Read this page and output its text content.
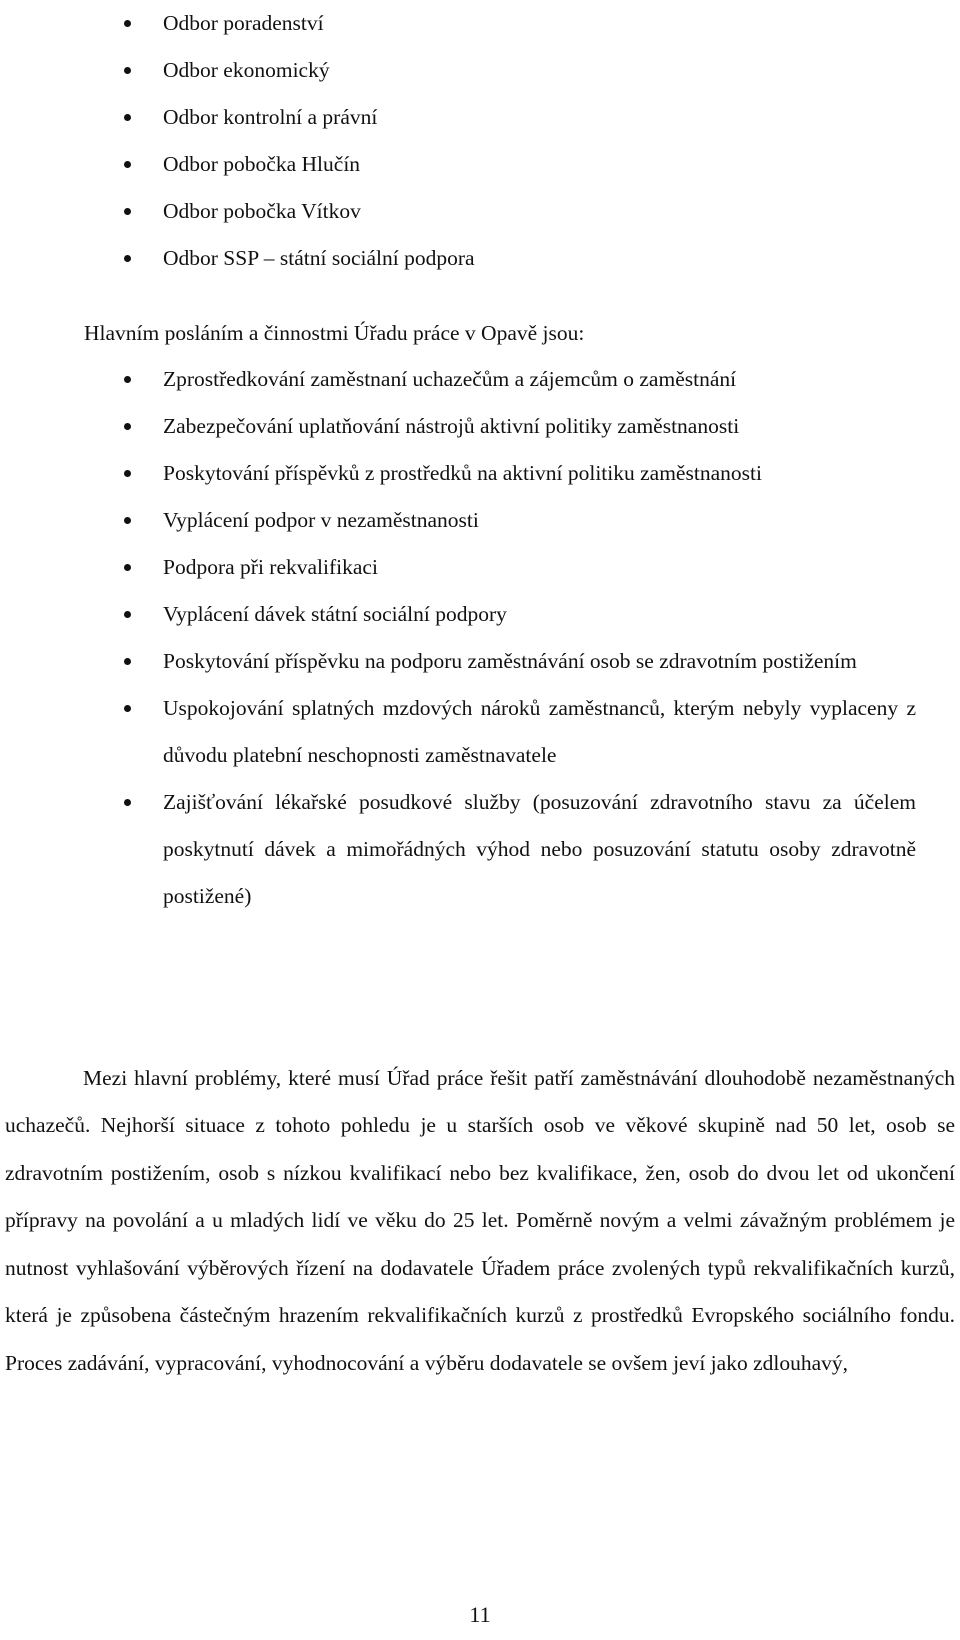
Odbor poradenství
Odbor ekonomický
Odbor kontrolní a právní
Odbor pobočka Hlučín
Odbor pobočka Vítkov
Odbor SSP – státní sociální podpora
Hlavním posláním a činnostmi Úřadu práce v Opavě jsou:
Zprostředkování zaměstnaní uchazečům a zájemcům o zaměstnání
Zabezpečování uplatňování nástrojů aktivní politiky zaměstnanosti
Poskytování příspěvků z prostředků na aktivní politiku zaměstnanosti
Vyplácení podpor v nezaměstnanosti
Podpora při rekvalifikaci
Vyplácení dávek státní sociální podpory
Poskytování příspěvku na podporu zaměstnávání osob se zdravotním postižením
Uspokojování splatných mzdových nároků zaměstnanců, kterým nebyly vyplaceny z důvodu platební neschopnosti zaměstnavatele
Zajišťování lékařské posudkové služby (posuzování zdravotního stavu za účelem poskytnutí dávek a mimořádných výhod nebo posuzování statutu osoby zdravotně postižené)

Mezi hlavní problémy, které musí Úřad práce řešit patří zaměstnávání dlouhodobě nezaměstnaných uchazečů. Nejhorší situace z tohoto pohledu je u starších osob ve věkové skupině nad 50 let, osob se zdravotním postižením, osob s nízkou kvalifikací nebo bez kvalifikace, žen, osob do dvou let od ukončení přípravy na povolání a u mladých lidí ve věku do 25 let. Poměrně novým a velmi závažným problémem je nutnost vyhlašování výběrových řízení na dodavatele Úřadem práce zvolených typů rekvalifikačních kurzů, která je způsobena částečným hrazením rekvalifikačních kurzů z prostředků Evropského sociálního fondu. Proces zadávání, vypracování, vyhodnocování a výběru dodavatele se ovšem jeví jako zdlouhavý,

11
